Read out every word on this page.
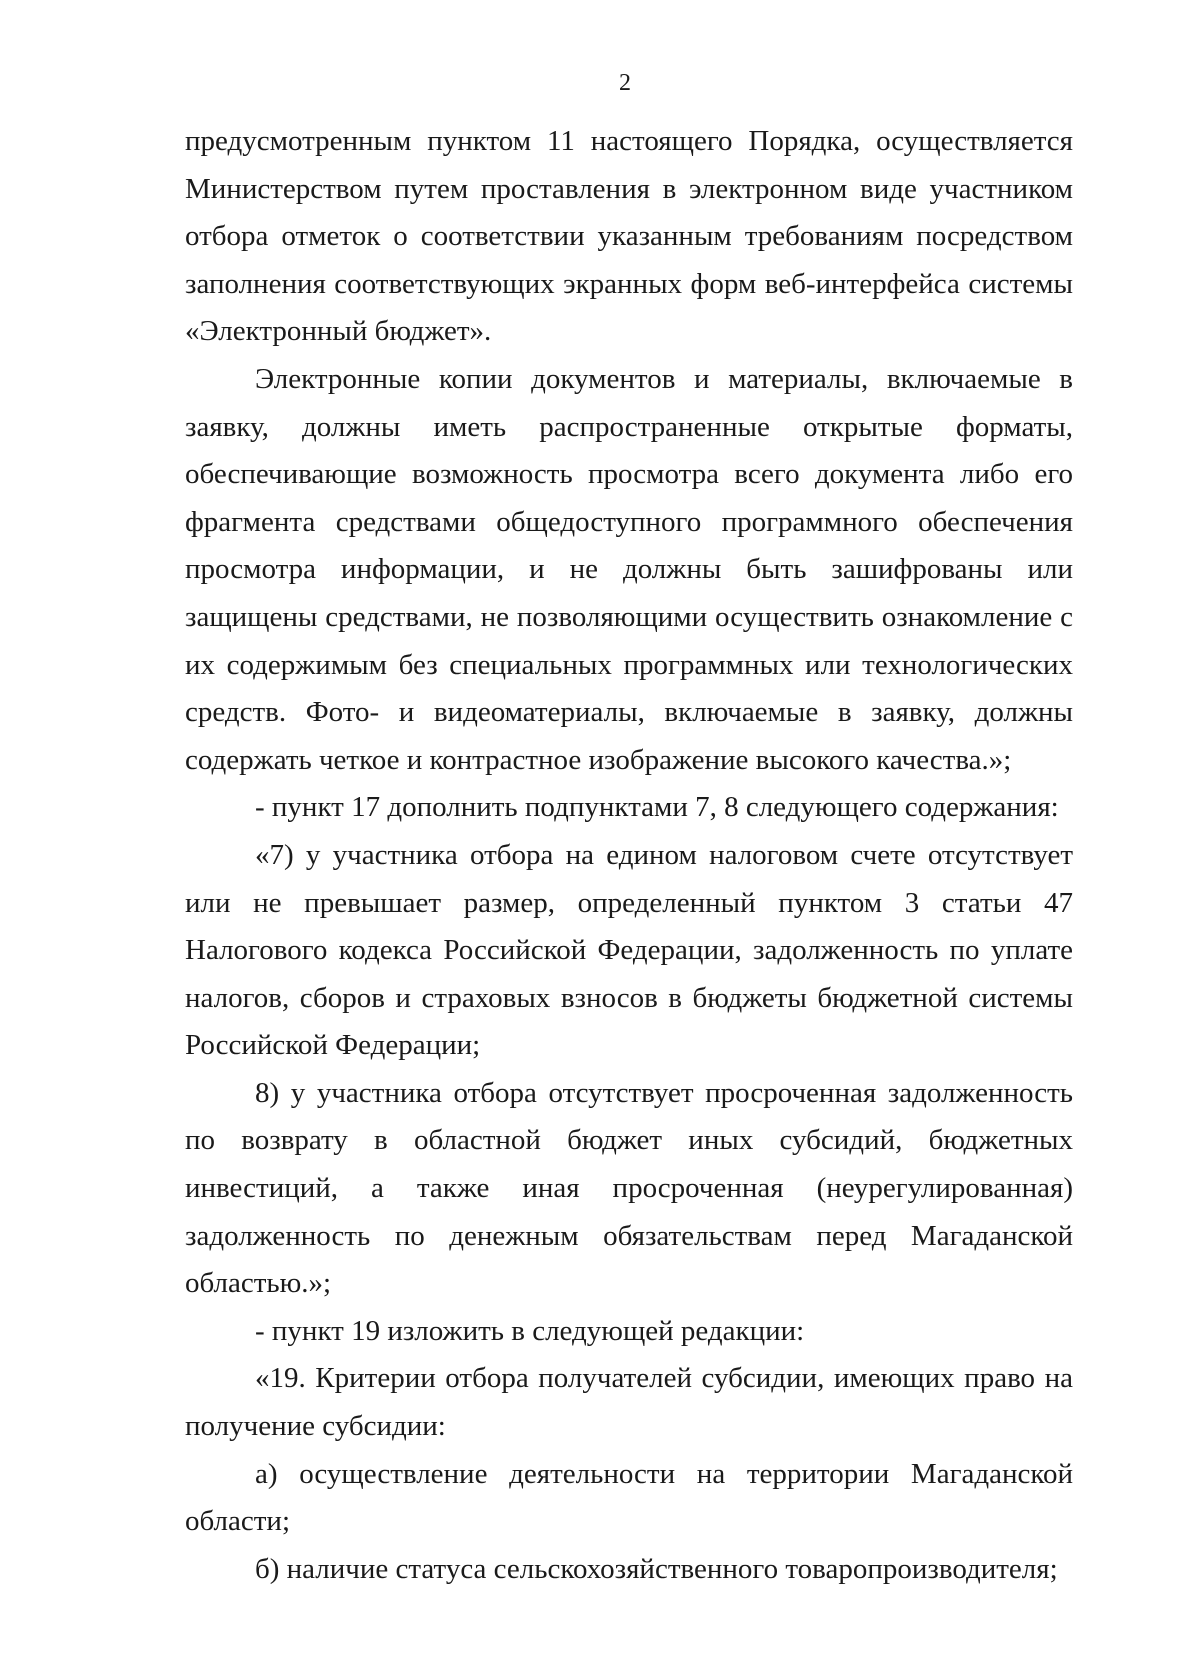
2

предусмотренным пунктом 11 настоящего Порядка, осуществляется Министерством путем проставления в электронном виде участником отбора отметок о соответствии указанным требованиям посредством заполнения соответствующих экранных форм веб-интерфейса системы «Электронный бюджет».

Электронные копии документов и материалы, включаемые в заявку, должны иметь распространенные открытые форматы, обеспечивающие возможность просмотра всего документа либо его фрагмента средствами общедоступного программного обеспечения просмотра информации, и не должны быть зашифрованы или защищены средствами, не позволяющими осуществить ознакомление с их содержимым без специальных программных или технологических средств. Фото- и видеоматериалы, включаемые в заявку, должны содержать четкое и контрастное изображение высокого качества.»;

- пункт 17 дополнить подпунктами 7, 8 следующего содержания:

«7) у участника отбора на едином налоговом счете отсутствует или не превышает размер, определенный пунктом 3 статьи 47 Налогового кодекса Российской Федерации, задолженность по уплате налогов, сборов и страховых взносов в бюджеты бюджетной системы Российской Федерации;

8) у участника отбора отсутствует просроченная задолженность по возврату в областной бюджет иных субсидий, бюджетных инвестиций, а также иная просроченная (неурегулированная) задолженность по денежным обязательствам перед Магаданской областью.»;

- пункт 19 изложить в следующей редакции:

«19. Критерии отбора получателей субсидии, имеющих право на получение субсидии:

а) осуществление деятельности на территории Магаданской области;

б) наличие статуса сельскохозяйственного товаропроизводителя;
